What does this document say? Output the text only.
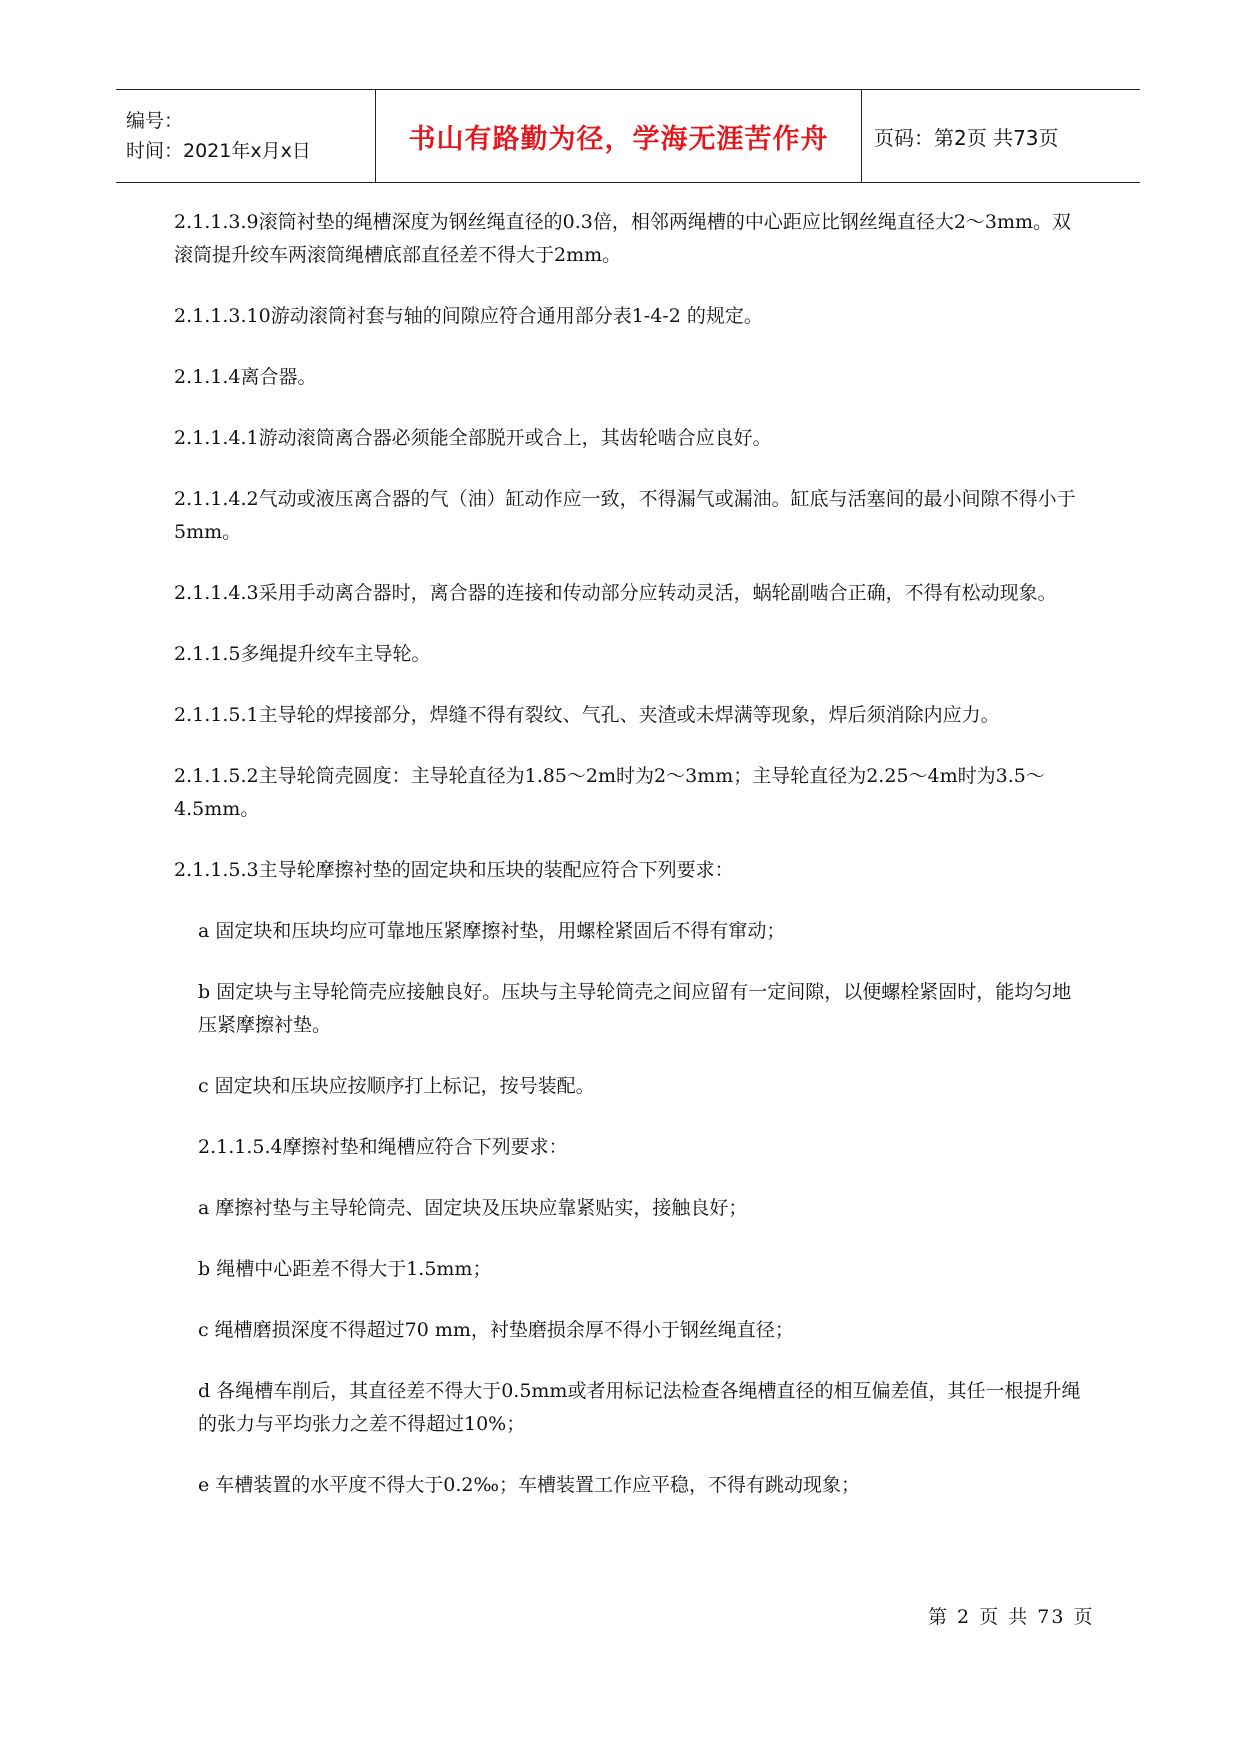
编号：
时间：2021年x月x日	书山有路勤为径，学海无涯苦作舟	页码：第2页 共73页

2.1.1.3.9滚筒衬垫的绳槽深度为钢丝绳直径的0.3倍，相邻两绳槽的中心距应比钢丝绳直径大2～3mm。双滚筒提升绞车两滚筒绳槽底部直径差不得大于2mm。

2.1.1.3.10游动滚筒衬套与轴的间隙应符合通用部分表1-4-2 的规定。

2.1.1.4离合器。

2.1.1.4.1游动滚筒离合器必须能全部脱开或合上，其齿轮啮合应良好。

2.1.1.4.2气动或液压离合器的气（油）缸动作应一致，不得漏气或漏油。缸底与活塞间的最小间隙不得小于5mm。

2.1.1.4.3采用手动离合器时，离合器的连接和传动部分应转动灵活，蜗轮副啮合正确，不得有松动现象。

2.1.1.5多绳提升绞车主导轮。

2.1.1.5.1主导轮的焊接部分，焊缝不得有裂纹、气孔、夹渣或未焊满等现象，焊后须消除内应力。

2.1.1.5.2主导轮筒壳圆度：主导轮直径为1.85～2m时为2～3mm；主导轮直径为2.25～4m时为3.5～4.5mm。

2.1.1.5.3主导轮摩擦衬垫的固定块和压块的装配应符合下列要求：

a 固定块和压块均应可靠地压紧摩擦衬垫，用螺栓紧固后不得有窜动；

b 固定块与主导轮筒壳应接触良好。压块与主导轮筒壳之间应留有一定间隙，以便螺栓紧固时，能均匀地压紧摩擦衬垫。

c 固定块和压块应按顺序打上标记，按号装配。

2.1.1.5.4摩擦衬垫和绳槽应符合下列要求：

a 摩擦衬垫与主导轮筒壳、固定块及压块应靠紧贴实，接触良好；

b 绳槽中心距差不得大于1.5mm；

c 绳槽磨损深度不得超过70 mm，衬垫磨损余厚不得小于钢丝绳直径；

d 各绳槽车削后，其直径差不得大于0.5mm或者用标记法检查各绳槽直径的相互偏差值，其任一根提升绳的张力与平均张力之差不得超过10%；

e 车槽装置的水平度不得大于0.2‰；车槽装置工作应平稳，不得有跳动现象；

第 2 页 共 73 页
